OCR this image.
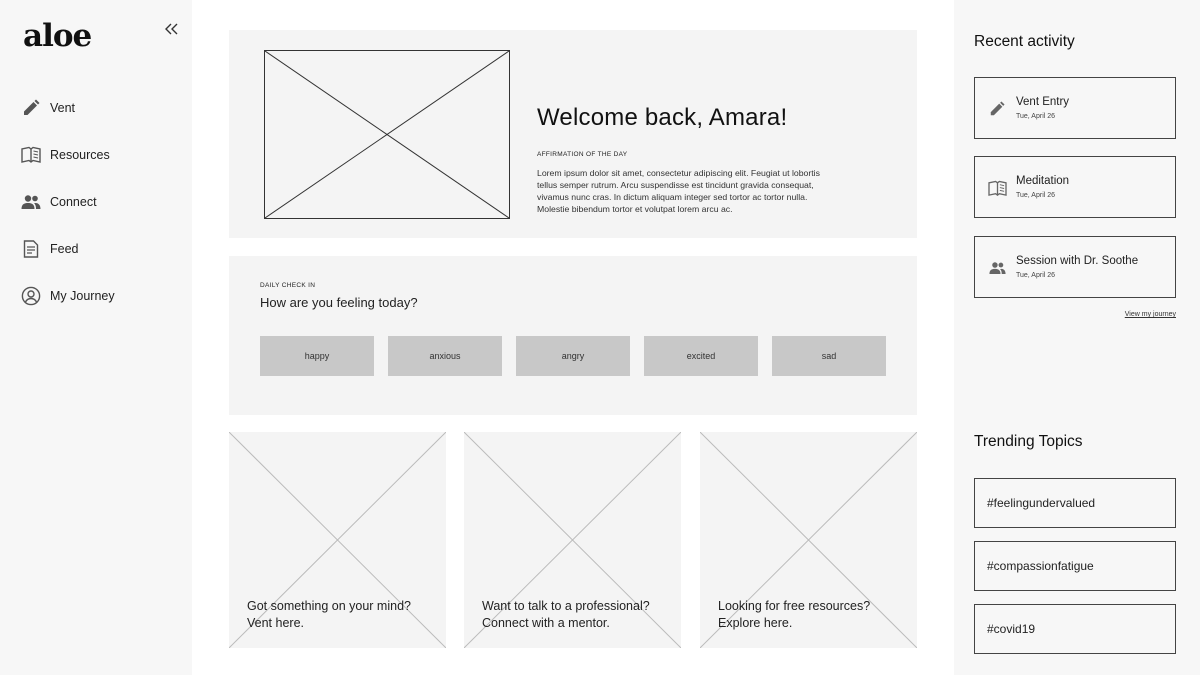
aloe
Vent
Resources
Connect
Feed
My Journey
Welcome back, Amara!
AFFIRMATION OF THE DAY
Lorem ipsum dolor sit amet, consectetur adipiscing elit. Feugiat ut lobortis tellus semper rutrum. Arcu suspendisse est tincidunt gravida consequat, vivamus nunc cras. In dictum aliquam integer sed tortor ac tortor nulla. Molestie bibendum tortor et volutpat lorem arcu ac.
DAILY CHECK IN
How are you feeling today?
happy	anxious	angry	excited	sad
Got something on your mind?
Vent here.
Want to talk to a professional?
Connect with a mentor.
Looking for free resources?
Explore here.
Recent activity
Vent Entry
Tue, April 26
Meditation
Tue, April 26
Session with Dr. Soothe
Tue, April 26
View my journey
Trending Topics
#feelingundervalued
#compassionfatigue
#covid19
